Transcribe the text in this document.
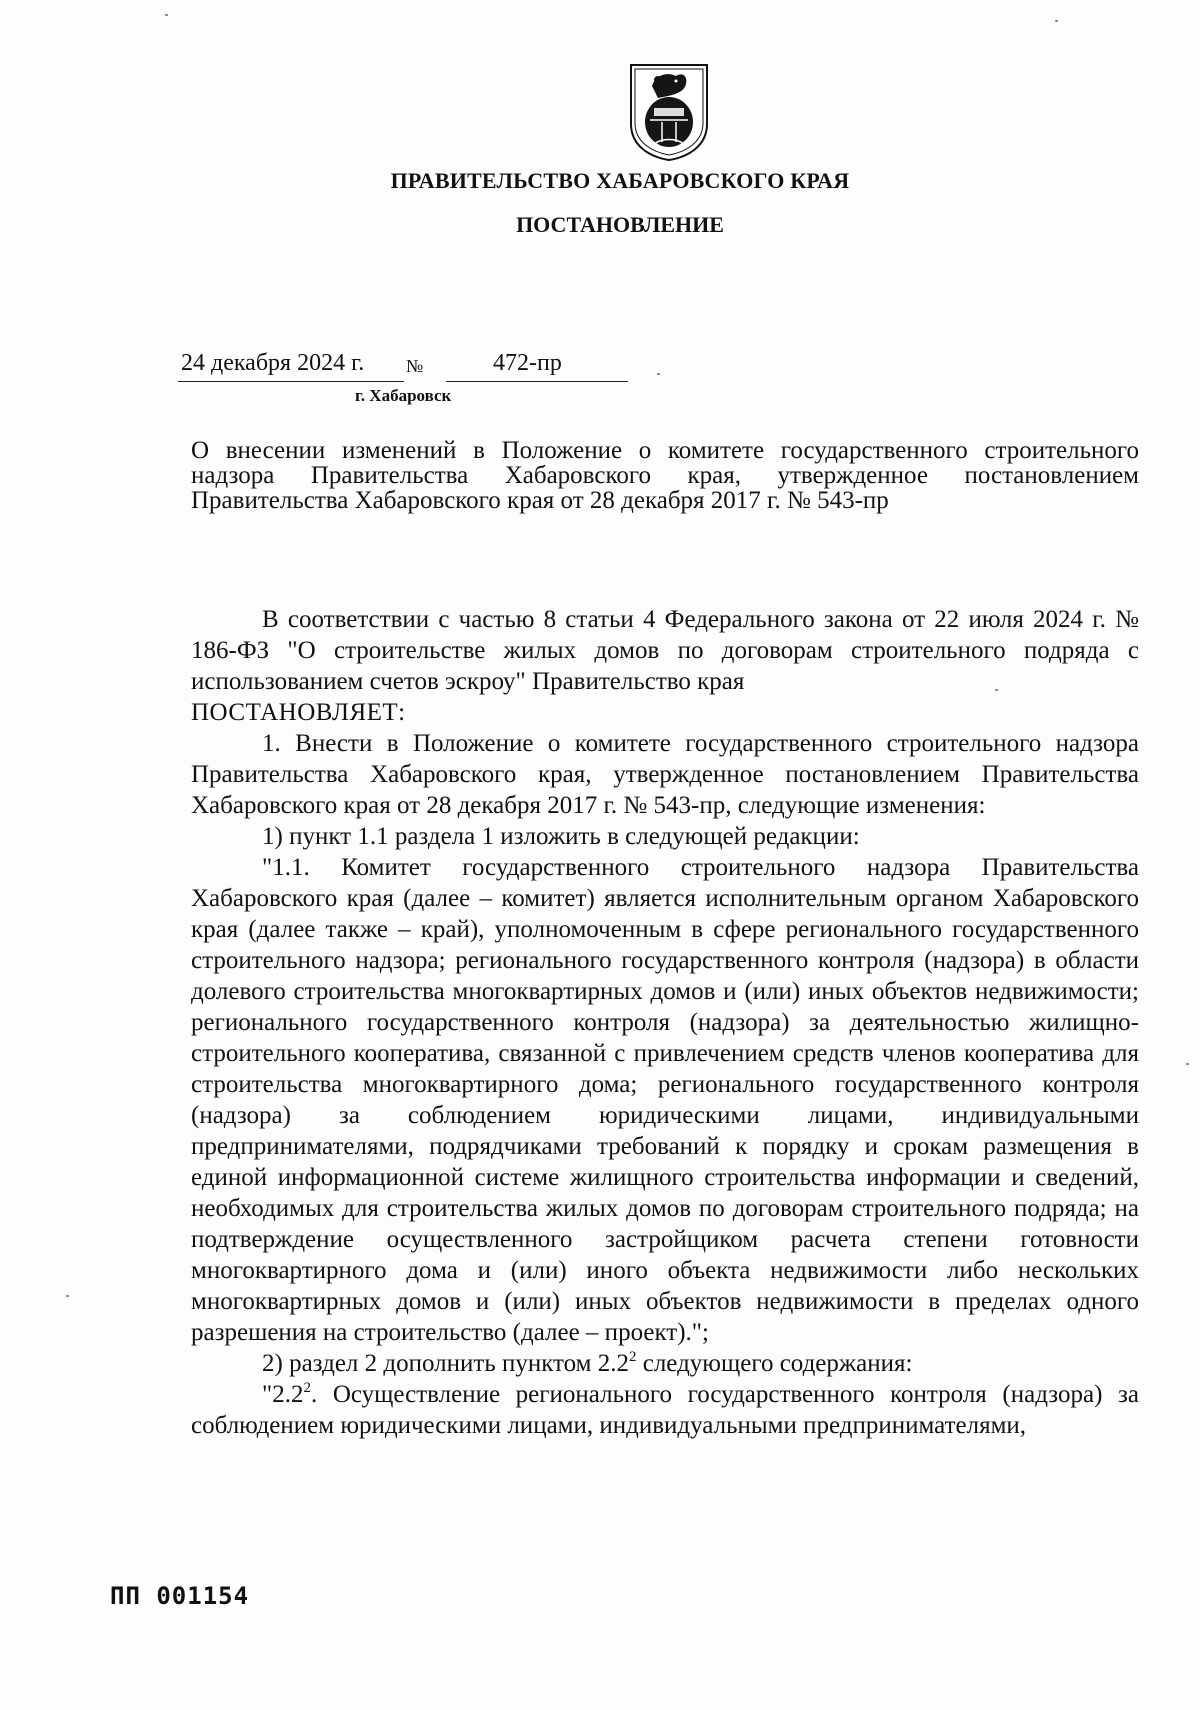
ПРАВИТЕЛЬСТВО ХАБАРОВСКОГО КРАЯ
ПОСТАНОВЛЕНИЕ
24 декабря 2024 г. №	472-пр
г. Хабаровск
О внесении изменений в Положение о комитете государственного строительного надзора Правительства Хабаровского края, утвержденное постановлением Правительства Хабаровского края от 28 декабря 2017 г. № 543-пр

В соответствии с частью 8 статьи 4 Федерального закона от 22 июля 2024 г. № 186-ФЗ "О строительстве жилых домов по договорам строительного подряда с использованием счетов эскроу" Правительство края

ПОСТАНОВЛЯЕТ:

1. Внести в Положение о комитете государственного строительного надзора Правительства Хабаровского края, утвержденное постановлением Правительства Хабаровского края от 28 декабря 2017 г. № 543-пр, следующие изменения:

1) пункт 1.1 раздела 1 изложить в следующей редакции:

"1.1. Комитет государственного строительного надзора Правительства Хабаровского края (далее – комитет) является исполнительным органом Хабаровского края (далее также – край), уполномоченным в сфере регионального государственного строительного надзора; регионального государственного контроля (надзора) в области долевого строительства многоквартирных домов и (или) иных объектов недвижимости; регионального государственного контроля (надзора) за деятельностью жилищно-строительного кооператива, связанной с привлечением средств членов кооператива для строительства многоквартирного дома; регионального государственного контроля (надзора) за соблюдением юридическими лицами, индивидуальными предпринимателями, подрядчиками требований к порядку и срокам размещения в единой информационной системе жилищного строительства информации и сведений, необходимых для строительства жилых домов по договорам строительного подряда; на подтверждение осуществленного застройщиком расчета степени готовности многоквартирного дома и (или) иного объекта недвижимости либо нескольких многоквартирных домов и (или) иных объектов недвижимости в пределах одного разрешения на строительство (далее – проект).";

2) раздел 2 дополнить пунктом $2.2^2$ следующего содержания:

"$2.2^2$. Осуществление регионального государственного контроля (надзора) за соблюдением юридическими лицами, индивидуальными предпринимателями,

ПП 001154
